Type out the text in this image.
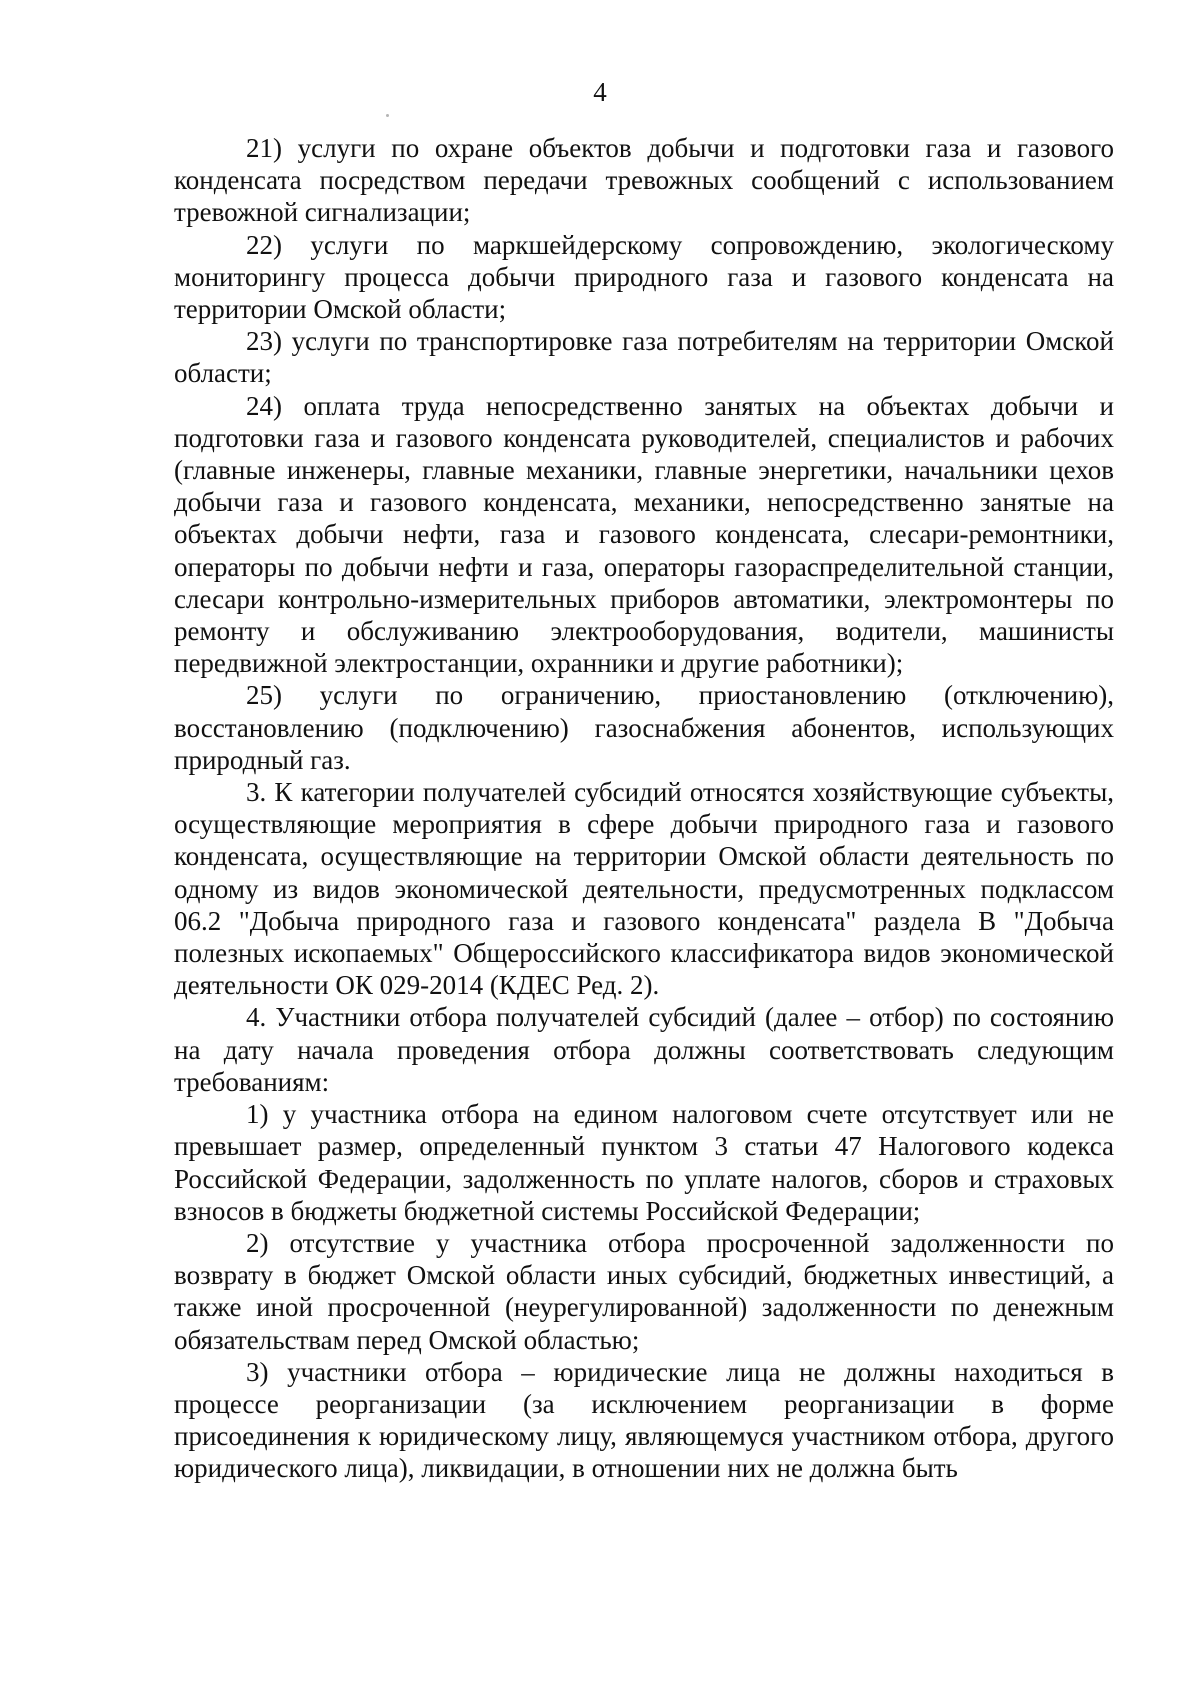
4

21) услуги по охране объектов добычи и подготовки газа и газового конденсата посредством передачи тревожных сообщений с использованием тревожной сигнализации;

22) услуги по маркшейдерскому сопровождению, экологическому мониторингу процесса добычи природного газа и газового конденсата на территории Омской области;

23) услуги по транспортировке газа потребителям на территории Омской области;

24) оплата труда непосредственно занятых на объектах добычи и подготовки газа и газового конденсата руководителей, специалистов и рабочих (главные инженеры, главные механики, главные энергетики, начальники цехов добычи газа и газового конденсата, механики, непосредственно занятые на объектах добычи нефти, газа и газового конденсата, слесари-ремонтники, операторы по добычи нефти и газа, операторы газораспределительной станции, слесари контрольно-измерительных приборов автоматики, электромонтеры по ремонту и обслуживанию электрооборудования, водители, машинисты передвижной электростанции, охранники и другие работники);

25) услуги по ограничению, приостановлению (отключению), восстановлению (подключению) газоснабжения абонентов, использующих природный газ.

3. К категории получателей субсидий относятся хозяйствующие субъекты, осуществляющие мероприятия в сфере добычи природного газа и газового конденсата, осуществляющие на территории Омской области деятельность по одному из видов экономической деятельности, предусмотренных подклассом 06.2 "Добыча природного газа и газового конденсата" раздела B "Добыча полезных ископаемых" Общероссийского классификатора видов экономической деятельности ОК 029-2014 (КДЕС Ред. 2).

4. Участники отбора получателей субсидий (далее – отбор) по состоянию на дату начала проведения отбора должны соответствовать следующим требованиям:

1) у участника отбора на едином налоговом счете отсутствует или не превышает размер, определенный пунктом 3 статьи 47 Налогового кодекса Российской Федерации, задолженность по уплате налогов, сборов и страховых взносов в бюджеты бюджетной системы Российской Федерации;

2) отсутствие у участника отбора просроченной задолженности по возврату в бюджет Омской области иных субсидий, бюджетных инвестиций, а также иной просроченной (неурегулированной) задолженности по денежным обязательствам перед Омской областью;

3) участники отбора – юридические лица не должны находиться в процессе реорганизации (за исключением реорганизации в форме присоединения к юридическому лицу, являющемуся участником отбора, другого юридического лица), ликвидации, в отношении них не должна быть
